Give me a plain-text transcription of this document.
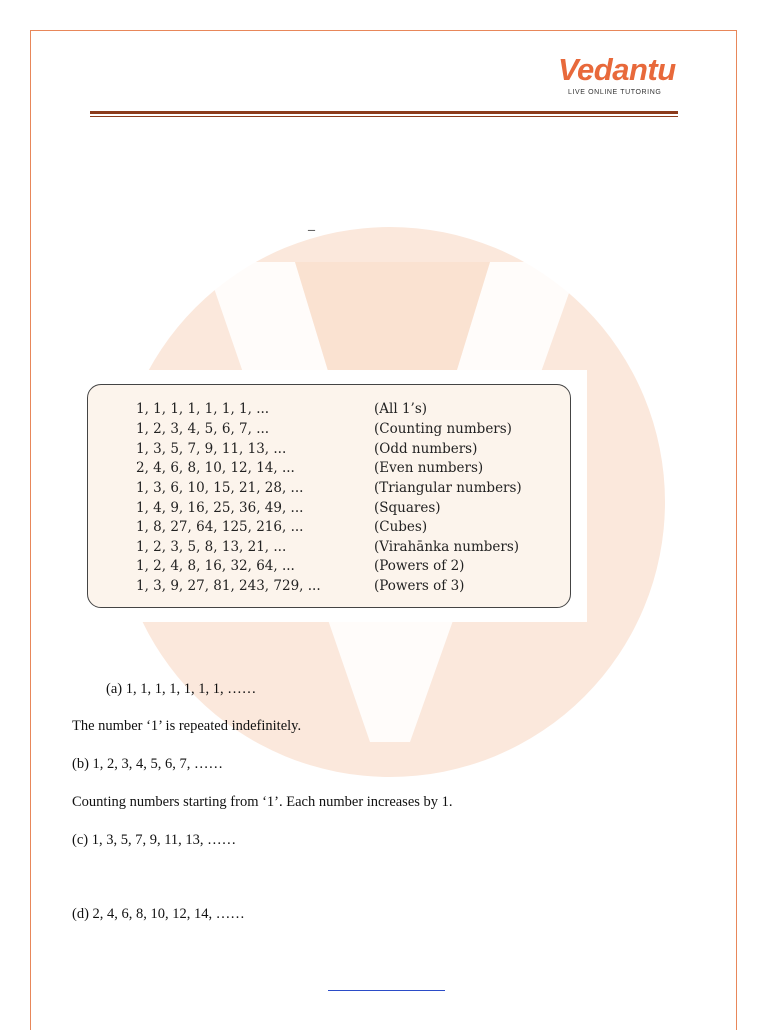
Vedantu
LIVE ONLINE TUTORING
_
1, 1, 1, 1, 1, 1, 1, ...	(All 1’s)
1, 2, 3, 4, 5, 6, 7, ...	(Counting numbers)
1, 3, 5, 7, 9, 11, 13, ...	(Odd numbers)
2, 4, 6, 8, 10, 12, 14, ...	(Even numbers)
1, 3, 6, 10, 15, 21, 28, ...	(Triangular numbers)
1, 4, 9, 16, 25, 36, 49, ...	(Squares)
1, 8, 27, 64, 125, 216, ...	(Cubes)
1, 2, 3, 5, 8, 13, 21, ...	(Virahānka numbers)
1, 2, 4, 8, 16, 32, 64, ...	(Powers of 2)
1, 3, 9, 27, 81, 243, 729, ...	(Powers of 3)
(a) 1, 1, 1, 1, 1, 1, 1, ……
The number ‘1’ is repeated indefinitely.
(b) 1, 2, 3, 4, 5, 6, 7, ……
Counting numbers starting from ‘1’. Each number increases by 1.
(c) 1, 3, 5, 7, 9, 11, 13, ……
(d) 2, 4, 6, 8, 10, 12, 14, ……
